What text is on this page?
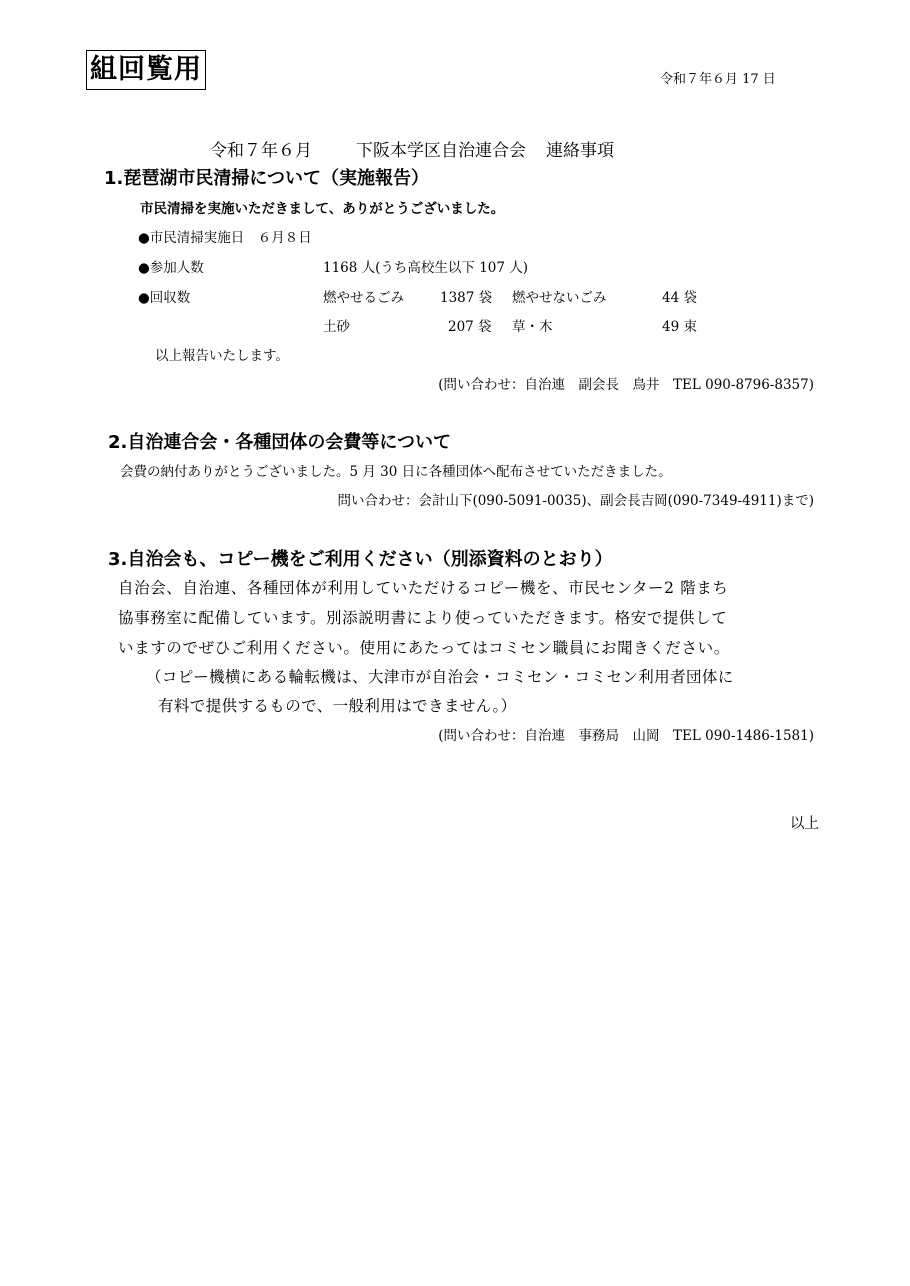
組回覧用	令和７年６月 17 日
令和７年６月	下阪本学区自治連合会 連絡事項
1.琵琶湖市民清掃について（実施報告）
市民清掃を実施いただきまして、ありがとうございました。
●市民清掃実施日　６月８日
●参加人数	1168 人(うち高校生以下 107 人)
●回収数	燃やせるごみ	1387 袋 燃やせないごみ	44 袋
土砂	207 袋 草・木	49 束
以上報告いたします。
(問い合わせ：自治連　副会長　鳥井　TEL 090-8796-8357)
2.自治連合会・各種団体の会費等について
会費の納付ありがとうございました。5 月 30 日に各種団体へ配布させていただきました。
問い合わせ：会計山下(090-5091-0035)、副会長吉岡(090-7349-4911)まで)
3.自治会も、コピー機をご利用ください（別添資料のとおり）
自治会、自治連、各種団体が利用していただけるコピー機を、市民センター2 階まち
協事務室に配備しています。別添説明書により使っていただきます。格安で提供して
いますのでぜひご利用ください。使用にあたってはコミセン職員にお聞きください。
（コピー機横にある輪転機は、大津市が自治会・コミセン・コミセン利用者団体に
有料で提供するもので、一般利用はできません。）
(問い合わせ：自治連　事務局　山岡　TEL 090-1486-1581)
以上
